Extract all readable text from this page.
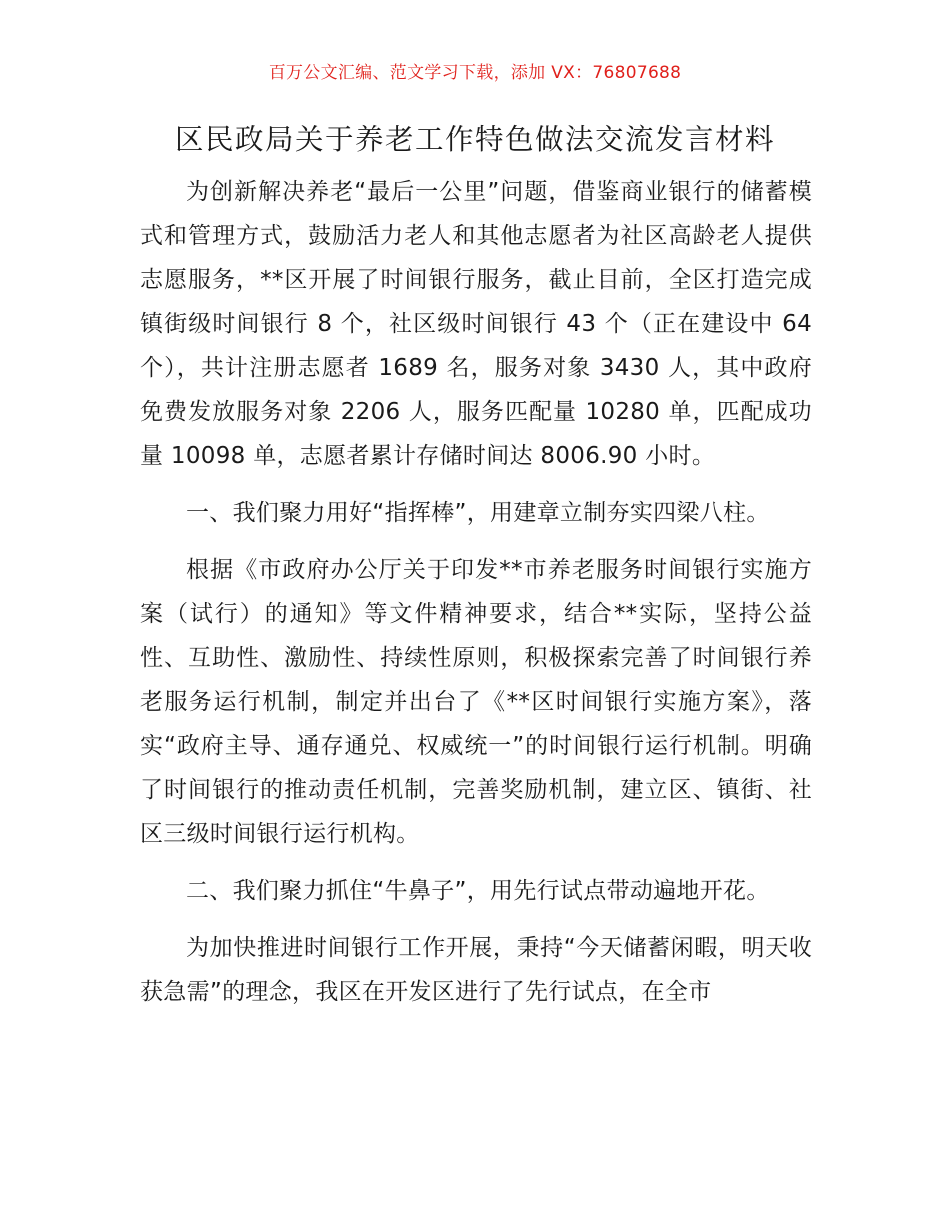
百万公文汇编、范文学习下载，添加 VX：76807688
区民政局关于养老工作特色做法交流发言材料

为创新解决养老“最后一公里”问题，借鉴商业银行的储蓄模式和管理方式，鼓励活力老人和其他志愿者为社区高龄老人提供志愿服务，**区开展了时间银行服务，截止目前，全区打造完成镇街级时间银行 8 个，社区级时间银行 43 个（正在建设中 64 个），共计注册志愿者 1689 名，服务对象 3430 人，其中政府免费发放服务对象 2206 人，服务匹配量 10280 单，匹配成功量 10098 单，志愿者累计存储时间达 8006.90 小时。

一、我们聚力用好“指挥棒”，用建章立制夯实四梁八柱。

根据《市政府办公厅关于印发**市养老服务时间银行实施方案（试行）的通知》等文件精神要求，结合**实际，坚持公益性、互助性、激励性、持续性原则，积极探索完善了时间银行养老服务运行机制，制定并出台了《**区时间银行实施方案》，落实“政府主导、通存通兑、权威统一”的时间银行运行机制。明确了时间银行的推动责任机制，完善奖励机制，建立区、镇街、社区三级时间银行运行机构。

二、我们聚力抓住“牛鼻子”，用先行试点带动遍地开花。

为加快推进时间银行工作开展，秉持“今天储蓄闲暇，明天收获急需”的理念，我区在开发区进行了先行试点，在全市
